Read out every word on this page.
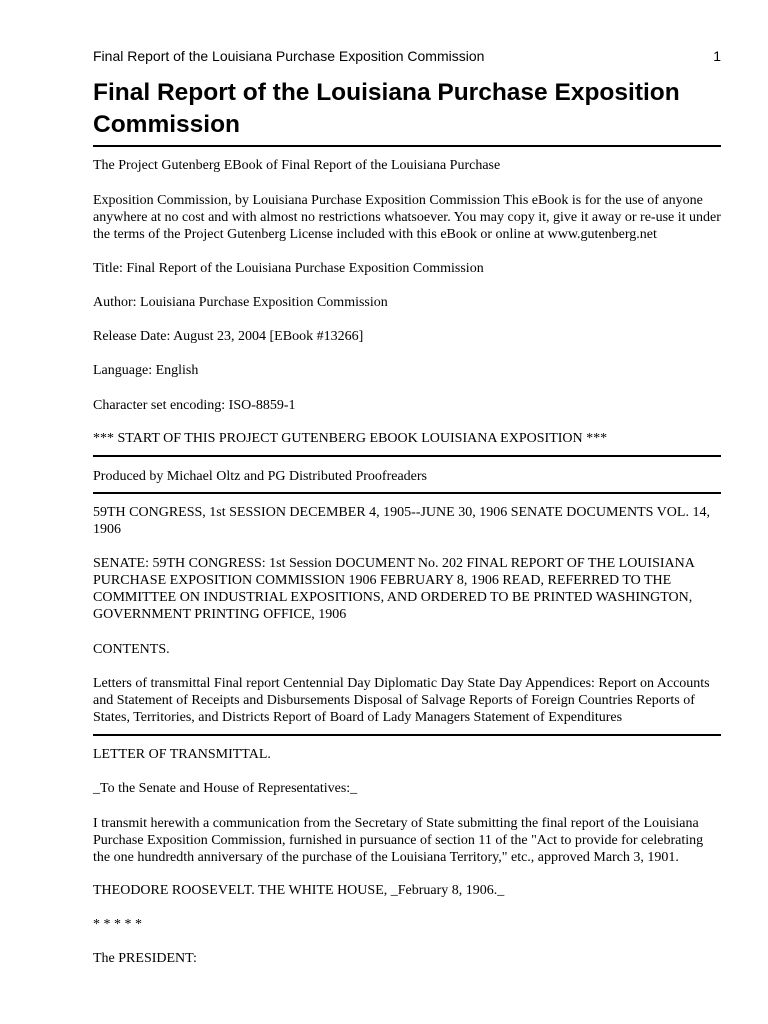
Final Report of the Louisiana Purchase Exposition Commission	1
Final Report of the Louisiana Purchase Exposition Commission

The Project Gutenberg EBook of Final Report of the Louisiana Purchase

Exposition Commission, by Louisiana Purchase Exposition Commission This eBook is for the use of anyone anywhere at no cost and with almost no restrictions whatsoever. You may copy it, give it away or re-use it under the terms of the Project Gutenberg License included with this eBook or online at www.gutenberg.net

Title: Final Report of the Louisiana Purchase Exposition Commission

Author: Louisiana Purchase Exposition Commission

Release Date: August 23, 2004 [EBook #13266]

Language: English

Character set encoding: ISO-8859-1

*** START OF THIS PROJECT GUTENBERG EBOOK LOUISIANA EXPOSITION ***

Produced by Michael Oltz and PG Distributed Proofreaders

59TH CONGRESS, 1st SESSION DECEMBER 4, 1905--JUNE 30, 1906 SENATE DOCUMENTS VOL. 14, 1906

SENATE: 59TH CONGRESS: 1st Session DOCUMENT No. 202 FINAL REPORT OF THE LOUISIANA PURCHASE EXPOSITION COMMISSION 1906 FEBRUARY 8, 1906 READ, REFERRED TO THE COMMITTEE ON INDUSTRIAL EXPOSITIONS, AND ORDERED TO BE PRINTED WASHINGTON, GOVERNMENT PRINTING OFFICE, 1906

CONTENTS.

Letters of transmittal Final report Centennial Day Diplomatic Day State Day Appendices: Report on Accounts and Statement of Receipts and Disbursements Disposal of Salvage Reports of Foreign Countries Reports of States, Territories, and Districts Report of Board of Lady Managers Statement of Expenditures

LETTER OF TRANSMITTAL.

_To the Senate and House of Representatives:_

I transmit herewith a communication from the Secretary of State submitting the final report of the Louisiana Purchase Exposition Commission, furnished in pursuance of section 11 of the "Act to provide for celebrating the one hundredth anniversary of the purchase of the Louisiana Territory," etc., approved March 3, 1901.

THEODORE ROOSEVELT. THE WHITE HOUSE, _February 8, 1906._

* * * * *

The PRESIDENT:
